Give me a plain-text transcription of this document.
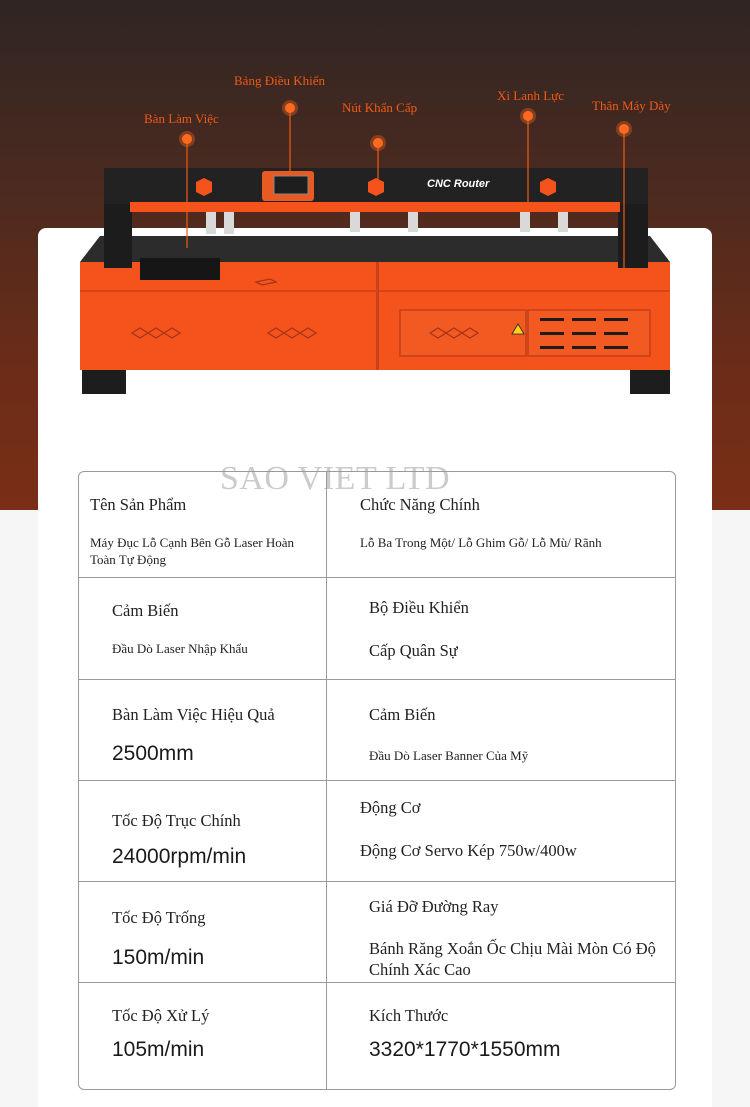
Bảng Điều Khiển
Bàn Làm Việc
Nút Khẩn Cấp
Xi Lanh Lực
Thân Máy Dày
CNC Router
SAO VIET LTD
Tên Sản Phẩm
Máy Đục Lỗ Cạnh Bên Gỗ Laser Hoàn Toàn Tự Động
Chức Năng Chính
Lỗ Ba Trong Một/ Lỗ Ghim Gỗ/ Lỗ Mù/ Rãnh
Cảm Biến
Đầu Dò Laser Nhập Khẩu
Bộ Điều Khiển
Cấp Quân Sự
Bàn Làm Việc Hiệu Quả
2500mm
Cảm Biến
Đầu Dò Laser Banner Của Mỹ
Tốc Độ Trục Chính
24000rpm/min
Động Cơ
Động Cơ Servo Kép 750w/400w
Tốc Độ Trống
150m/min
Giá Đỡ Đường Ray
Bánh Răng Xoắn Ốc Chịu Mài Mòn Có Độ Chính Xác Cao
Tốc Độ Xử Lý
105m/min
Kích Thước
3320*1770*1550mm
